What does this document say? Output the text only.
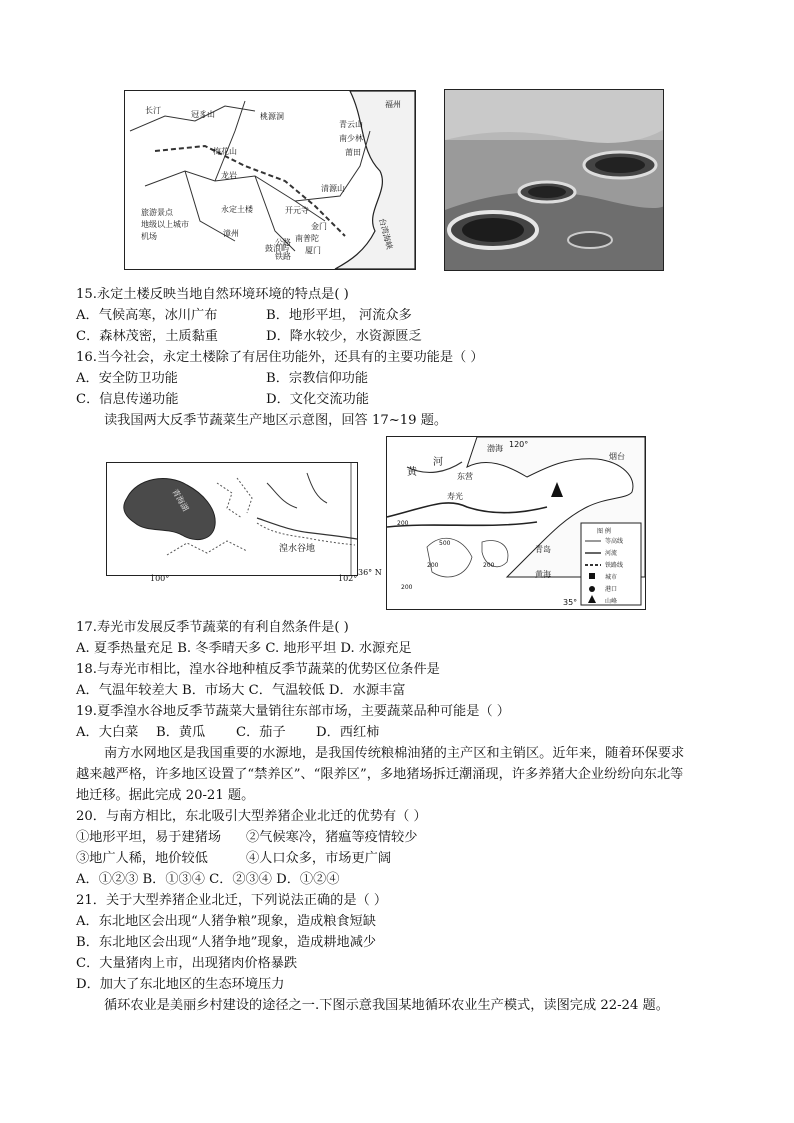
长汀	冠豸山	桃源洞
梅花山
龙岩
青云山
南少林
莆田
清源山
永定土楼	开元寺
漳州
鼓浪屿
南普陀
金门
厦门
福州
台湾海峡
旅游景点
地级以上城市
机场
公路
铁路
15.永定土楼反映当地自然环境环境的特点是( )
A．气候高寒，冰川广布	B．地形平坦， 河流众多
C．森林茂密，土质黏重	D．降水较少，水资源匮乏
16.当今社会，永定土楼除了有居住功能外，还具有的主要功能是（ ）
A．安全防卫功能	B．宗教信仰功能
C．信息传递功能	D．文化交流功能
读我国两大反季节蔬菜生产地区示意图，回答 17~19 题。
青海湖
湟水谷地
100°	102°
36° N
黄
河
渤海
东营
寿光
青岛
黄海
烟台
120°
35°
200
500
200	200
200
图 例
等高线
河流
铁路线
城市
港口
山峰
17.寿光市发展反季节蔬菜的有利自然条件是( )
A. 夏季热量充足 B. 冬季晴天多 C. 地形平坦 D. 水源充足
18.与寿光市相比，湟水谷地种植反季节蔬菜的优势区位条件是
A．气温年较差大 B．市场大 C．气温较低 D．水源丰富
19.夏季湟水谷地反季节蔬菜大量销往东部市场，主要蔬菜品种可能是（ ）
A．大白菜 B．黄瓜 C．茄子 D．西红柿
南方水网地区是我国重要的水源地，是我国传统粮棉油猪的主产区和主销区。近年来，随着环保要求
越来越严格，许多地区设置了“禁养区”、“限养区”，多地猪场拆迁潮涌现，许多养猪大企业纷纷向东北等
地迁移。据此完成 20-21 题。
20．与南方相比，东北吸引大型养猪企业北迁的优势有（ ）
①地形平坦，易于建猪场 ②气候寒冷，猪瘟等疫情较少
③地广人稀，地价较低	④人口众多，市场更广阔
A．①②③ B．①③④ C．②③④ D．①②④
21．关于大型养猪企业北迁，下列说法正确的是（ ）
A．东北地区会出现“人猪争粮”现象，造成粮食短缺
B．东北地区会出现“人猪争地”现象，造成耕地减少
C．大量猪肉上市，出现猪肉价格暴跌
D．加大了东北地区的生态环境压力
循环农业是美丽乡村建设的途径之一.下图示意我国某地循环农业生产模式，读图完成 22-24 题。
